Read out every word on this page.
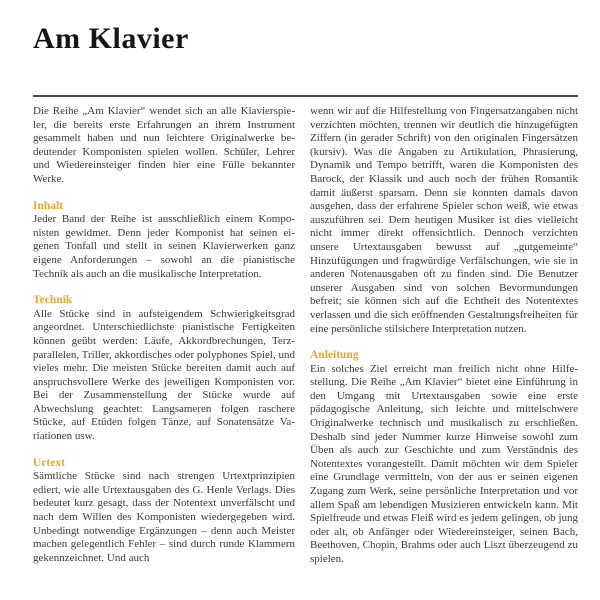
Am Klavier

Die Reihe „Am Klavier“ wendet sich an alle Klavierspieler, die bereits erste Erfahrungen an ihrem Instrument gesammelt haben und nun leichtere Originalwerke bedeutender Komponisten spielen wollen. Schüler, Lehrer und Wiedereinsteiger finden hier eine Fülle bekannter Werke.

Inhalt

Jeder Band der Reihe ist ausschließlich einem Komponisten gewidmet. Denn jeder Komponist hat seinen eigenen Tonfall und stellt in seinen Klavierwerken ganz eigene Anforderungen – sowohl an die pianistische Technik als auch an die musikalische Interpretation.

Technik

Alle Stücke sind in aufsteigendem Schwierigkeitsgrad angeordnet. Unterschiedlichste pianistische Fertigkeiten können geübt werden: Läufe, Akkordbrechungen, Terzparallelen, Triller, akkordisches oder polyphones Spiel, und vieles mehr. Die meisten Stücke bereiten damit auch auf anspruchsvollere Werke des jeweiligen Komponisten vor. Bei der Zusammenstellung der Stücke wurde auf Abwechslung geachtet: Langsameren folgen raschere Stücke, auf Etüden folgen Tänze, auf Sonatensätze Variationen usw.

Urtext

Sämtliche Stücke sind nach strengen Urtextprinzipien ediert, wie alle Urtextausgaben des G. Henle Verlags. Dies bedeutet kurz gesagt, dass der Notentext unverfälscht und nach dem Willen des Komponisten wiedergegeben wird. Unbedingt notwendige Ergänzungen – denn auch Meister machen gelegentlich Fehler – sind durch runde Klammern gekennzeichnet. Und auch

wenn wir auf die Hilfestellung von Fingersatzangaben nicht verzichten möchten, trennen wir deutlich die hinzugefügten Ziffern (in gerader Schrift) von den originalen Fingersätzen (kursiv). Was die Angaben zu Artikulation, Phrasierung, Dynamik und Tempo betrifft, waren die Komponisten des Barock, der Klassik und auch noch der frühen Romantik damit äußerst sparsam. Denn sie konnten damals davon ausgehen, dass der erfahrene Spieler schon weiß, wie etwas auszuführen sei. Dem heutigen Musiker ist dies vielleicht nicht immer direkt offensichtlich. Dennoch verzichten unsere Urtextausgaben bewusst auf „gutgemeinte“ Hinzufügungen und fragwürdige Verfälschungen, wie sie in anderen Notenausgaben oft zu finden sind. Die Benutzer unserer Ausgaben sind von solchen Bevormundungen befreit; sie können sich auf die Echtheit des Notentextes verlassen und die sich eröffnenden Gestaltungsfreiheiten für eine persönliche stilsichere Interpretation nutzen.

Anleitung

Ein solches Ziel erreicht man freilich nicht ohne Hilfestellung. Die Reihe „Am Klavier“ bietet eine Einführung in den Umgang mit Urtextausgaben sowie eine erste pädagogische Anleitung, sich leichte und mittelschwere Originalwerke technisch und musikalisch zu erschließen. Deshalb sind jeder Nummer kurze Hinweise sowohl zum Üben als auch zur Geschichte und zum Verständnis des Notentextes vorangestellt. Damit möchten wir dem Spieler eine Grundlage vermitteln, von der aus er seinen eigenen Zugang zum Werk, seine persönliche Interpretation und vor allem Spaß am lebendigen Musizieren entwickeln kann. Mit Spielfreude und etwas Fleiß wird es jedem gelingen, ob jung oder alt, ob Anfänger oder Wiedereinsteiger, seinen Bach, Beethoven, Chopin, Brahms oder auch Liszt überzeugend zu spielen.
